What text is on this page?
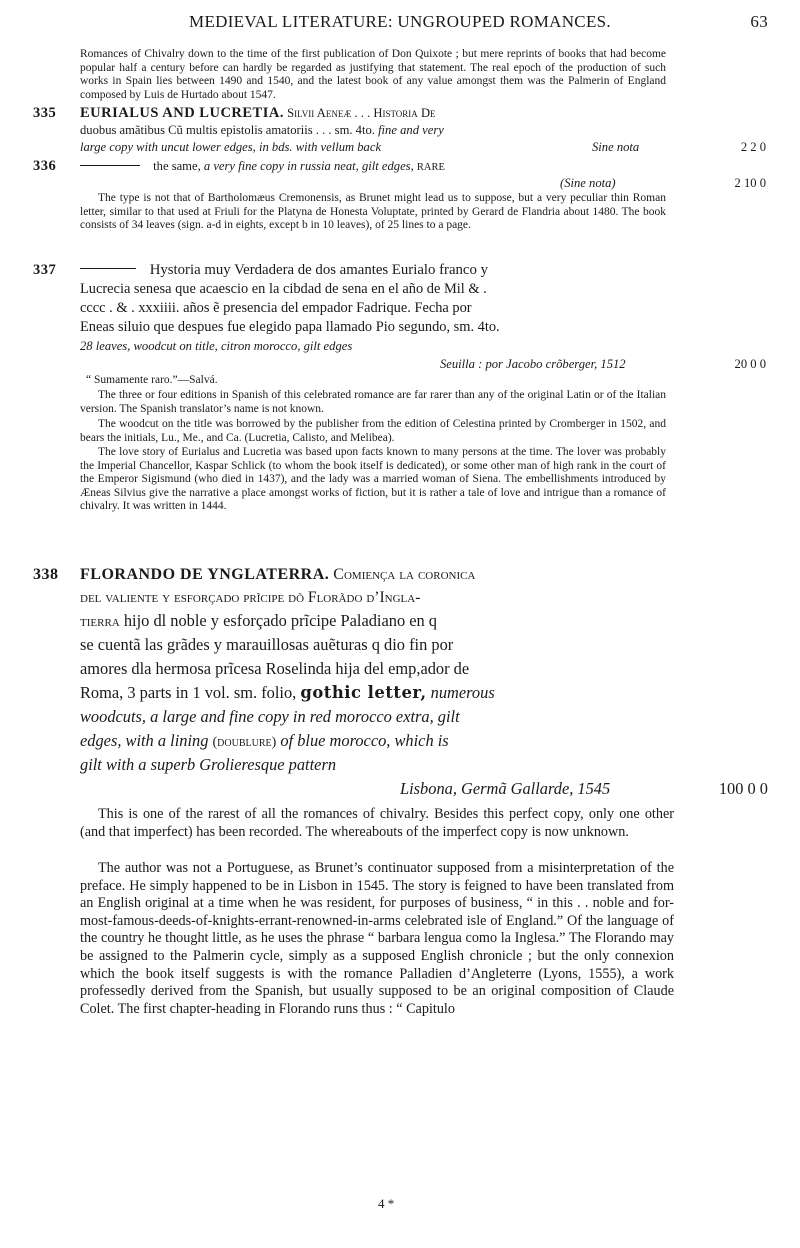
MEDIEVAL LITERATURE: UNGROUPED ROMANCES.	63
Romances of Chivalry down to the time of the first publication of Don Quixote ; but mere reprints of books that had become popular half a century before can hardly be regarded as justifying that statement. The real epoch of the production of such works in Spain lies between 1490 and 1540, and the latest book of any value amongst them was the Palmerin of England composed by Luis de Hurtado about 1547.
335 EURIALUS AND LUCRETIA. Silvii Aeneæ . . . Historia De
duobus amãtibus Cũ multis epistolis amatoriis . . . sm. 4to. fine and very
large copy with uncut lower edges, in bds. with vellum back	Sine nota	2 2 0
336	the same, a very fine copy in russia neat, gilt edges, RARE
(Sine nota)	2 10 0
The type is not that of Bartholomæus Cremonensis, as Brunet might lead us to suppose, but a very peculiar thin Roman letter, similar to that used at Friuli for the Platyna de Honesta Voluptate, printed by Gerard de Flandria about 1480. The book consists of 34 leaves (sign. a-d in eights, except b in 10 leaves), of 25 lines to a page.
337	Hystoria muy Verdadera de dos amantes Eurialo franco y
Lucrecia senesa que acaescio en la cibdad de sena en el año de Mil & .
cccc . & . xxxiiii. años ẽ presencia del empador Fadrique. Fecha por
Eneas siluio que despues fue elegido papa llamado Pio segundo, sm. 4to.
28 leaves, woodcut on title, citron morocco, gilt edges
Seuilla : por Jacobo crõberger, 1512	20 0 0
“ Sumamente raro.”—Salvá.
The three or four editions in Spanish of this celebrated romance are far rarer than any of the original Latin or of the Italian version. The Spanish translator’s name is not known.
The woodcut on the title was borrowed by the publisher from the edition of Celestina printed by Cromberger in 1502, and bears the initials, Lu., Me., and Ca. (Lucretia, Calisto, and Melibea).
The love story of Eurialus and Lucretia was based upon facts known to many persons at the time. The lover was probably the Imperial Chancellor, Kaspar Schlick (to whom the book itself is dedicated), or some other man of high rank in the court of the Emperor Sigismund (who died in 1437), and the lady was a married woman of Siena. The embellishments introduced by Æneas Silvius give the narrative a place amongst works of fiction, but it is rather a tale of love and intrigue than a romance of chivalry. It was written in 1444.
338 FLORANDO DE YNGLATERRA. Comiença la coronica
del valiente y esforçado prĩcipe dõ Florãdo d’Ingla-
tierra hijo dl noble y esforçado prĩcipe Paladiano en q
se cuentã las grãdes y marauillosas auẽturas q dio fin por
amores dla hermosa prĩcesa Roselinda hija del emp,ador de
Roma, 3 parts in 1 vol. sm. folio, gothic letter, numerous
woodcuts, a large and fine copy in red morocco extra, gilt
edges, with a lining (doublure) of blue morocco, which is
gilt with a superb Grolieresque pattern
Lisbona, Germã Gallarde, 1545	100 0 0
This is one of the rarest of all the romances of chivalry. Besides this perfect copy, only one other (and that imperfect) has been recorded. The whereabouts of the imperfect copy is now unknown.
The author was not a Portuguese, as Brunet’s continuator supposed from a misinterpretation of the preface. He simply happened to be in Lisbon in 1545. The story is feigned to have been translated from an English original at a time when he was resident, for purposes of business, “ in this . . noble and for-most-famous-deeds-of-knights-errant-renowned-in-arms celebrated isle of England.” Of the language of the country he thought little, as he uses the phrase “ barbara lengua como la Inglesa.” The Florando may be assigned to the Palmerin cycle, simply as a supposed English chronicle ; but the only connexion which the book itself suggests is with the romance Palladien d’Angleterre (Lyons, 1555), a work professedly derived from the Spanish, but usually supposed to be an original composition of Claude Colet. The first chapter-heading in Florando runs thus : “ Capitulo
4 *
